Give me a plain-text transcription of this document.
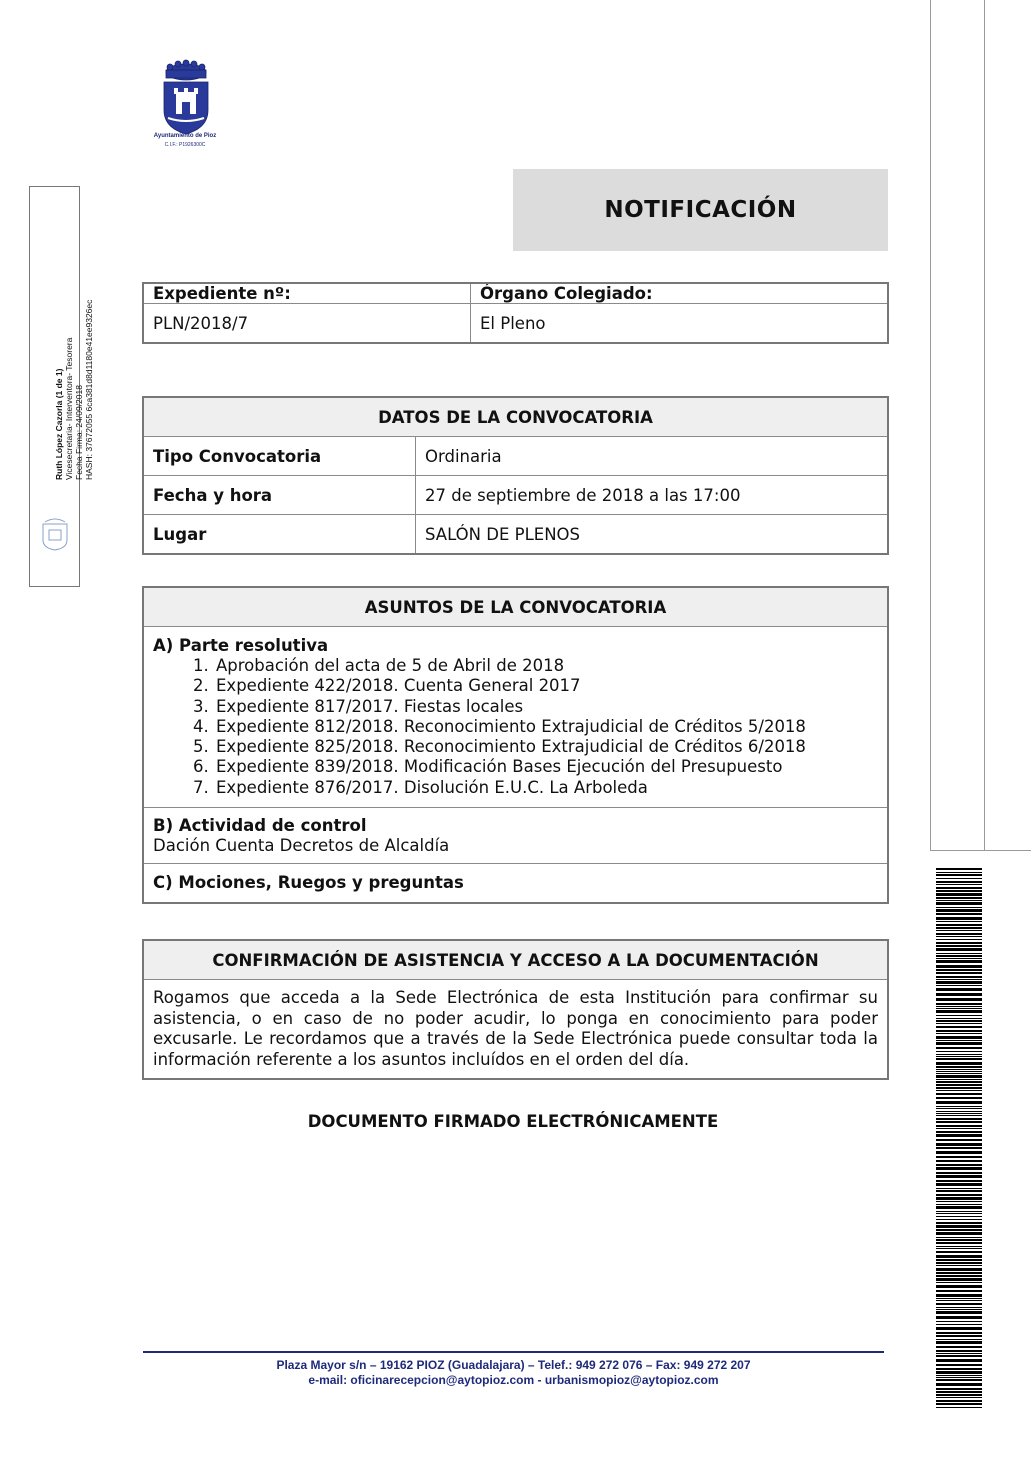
Ayuntamiento de Pioz
C.I.F.: P1926300C
Ruth López Cazorla (1 de 1) Vicesecretaria- Interventora- Tesorera Fecha Firma: 24/09/2018 HASH: 37672055 6ca381d8d1180e41ee9326ec
NOTIFICACIÓN
Expediente nº:	Órgano Colegiado:
PLN/2018/7	El Pleno
DATOS DE LA CONVOCATORIA	
Tipo Convocatoria	Ordinaria
Fecha y hora	27 de septiembre de 2018 a las 17:00
Lugar	SALÓN DE PLENOS
ASUNTOS DE LA CONVOCATORIA

A) Parte resolutiva
1. Aprobación del acta de 5 de Abril de 2018
2. Expediente 422/2018. Cuenta General 2017
3. Expediente 817/2017. Fiestas locales
4. Expediente 812/2018. Reconocimiento Extrajudicial de Créditos 5/2018
5. Expediente 825/2018. Reconocimiento Extrajudicial de Créditos 6/2018
6. Expediente 839/2018. Modificación Bases Ejecución del Presupuesto
7. Expediente 876/2017. Disolución E.U.C. La Arboleda

B) Actividad de control
Dación Cuenta Decretos de Alcaldía

C) Mociones, Ruegos y preguntas
CONFIRMACIÓN DE ASISTENCIA Y ACCESO A LA DOCUMENTACIÓN

Rogamos que acceda a la Sede Electrónica de esta Institución para confirmar su asistencia, o en caso de no poder acudir, lo ponga en conocimiento para poder excusarle. Le recordamos que a través de la Sede Electrónica puede consultar toda la información referente a los asuntos incluídos en el orden del día.
DOCUMENTO FIRMADO ELECTRÓNICAMENTE
Plaza Mayor s/n – 19162 PIOZ (Guadalajara) – Telef.: 949 272 076 – Fax: 949 272 207
e-mail: oficinarecepcion@aytopioz.com - urbanismopioz@aytopioz.com
